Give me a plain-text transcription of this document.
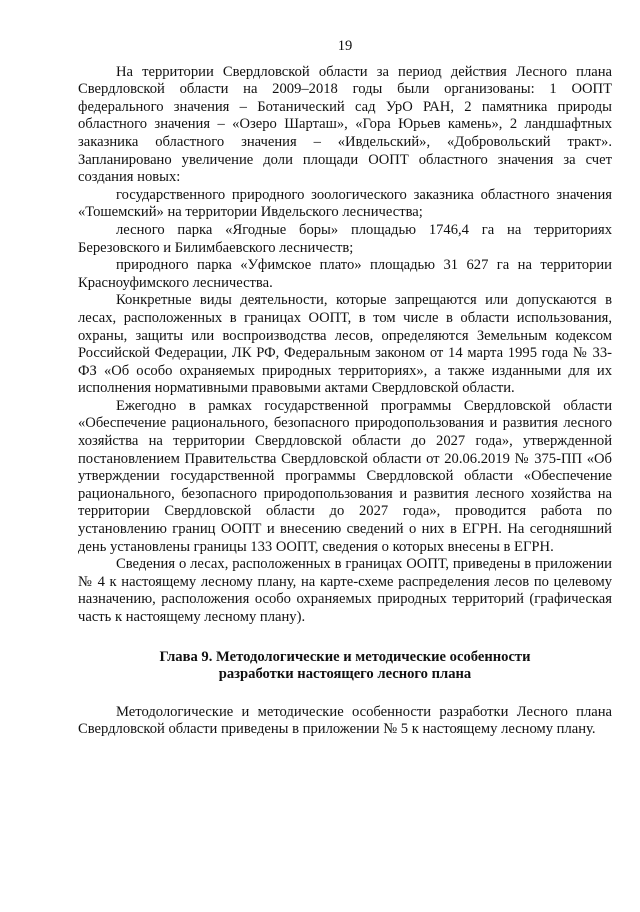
19

На территории Свердловской области за период действия Лесного плана Свердловской области на 2009–2018 годы были организованы: 1 ООПТ федерального значения – Ботанический сад УрО РАН, 2 памятника природы областного значения – «Озеро Шарташ», «Гора Юрьев камень», 2 ландшафтных заказника областного значения – «Ивдельский», «Добровольский тракт». Запланировано увеличение доли площади ООПТ областного значения за счет создания новых:

государственного природного зоологического заказника областного значения «Тошемский» на территории Ивдельского лесничества;

лесного парка «Ягодные боры» площадью 1746,4 га на территориях Березовского и Билимбаевского лесничеств;

природного парка «Уфимское плато» площадью 31 627 га на территории Красноуфимского лесничества.

Конкретные виды деятельности, которые запрещаются или допускаются в лесах, расположенных в границах ООПТ, в том числе в области использования, охраны, защиты или воспроизводства лесов, определяются Земельным кодексом Российской Федерации, ЛК РФ, Федеральным законом от 14 марта 1995 года № 33-ФЗ «Об особо охраняемых природных территориях», а также изданными для их исполнения нормативными правовыми актами Свердловской области.

Ежегодно в рамках государственной программы Свердловской области «Обеспечение рационального, безопасного природопользования и развития лесного хозяйства на территории Свердловской области до 2027 года», утвержденной постановлением Правительства Свердловской области от 20.06.2019 № 375-ПП «Об утверждении государственной программы Свердловской области «Обеспечение рационального, безопасного природопользования и развития лесного хозяйства на территории Свердловской области до 2027 года», проводится работа по установлению границ ООПТ и внесению сведений о них в ЕГРН. На сегодняшний день установлены границы 133 ООПТ, сведения о которых внесены в ЕГРН.

Сведения о лесах, расположенных в границах ООПТ, приведены в приложении № 4 к настоящему лесному плану, на карте-схеме распределения лесов по целевому назначению, расположения особо охраняемых природных территорий (графическая часть к настоящему лесному плану).

Глава 9. Методологические и методические особенности
разработки настоящего лесного плана

Методологические и методические особенности разработки Лесного плана Свердловской области приведены в приложении № 5 к настоящему лесному плану.
